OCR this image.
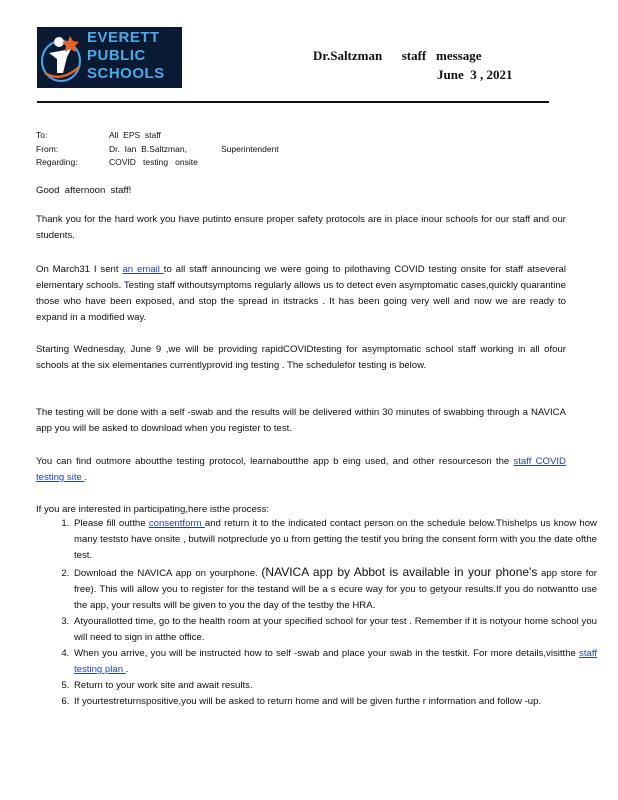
EVERETT
PUBLIC
SCHOOLS
Dr.Saltzman      staff   message
June  3 , 2021
To:	All  EPS  staff
From:	Dr.  Ian  B.Saltzman,	Superintendent
Regarding:	COVID   testing   onsite
Good  afternoon  staff!
Thank you for the hard work you have putinto ensure proper safety protocols are in place inour schools for our staff and our students.
On March31 I sent an email to all staff announcing we were going to pilothaving COVID testing onsite for staff atseveral elementary schools. Testing staff withoutsymptoms regularly allows us to detect even asymptomatic cases,quickly quarantine those who have been exposed, and stop the spread in itstracks . It has been going very well and now we are ready to expand in a modified way.
Starting Wednesday, June 9 ,we will be providing rapidCOVIDtesting for asymptomatic school staff working in all ofour schools at the six elementaries currentlyprovid ing testing . The schedulefor testing is below.
The testing will be done with a self -swab and the results will be delivered within 30 minutes of swabbing through a NAVICA app you will be asked to download when you register to test.
You can find outmore aboutthe testing protocol, learnaboutthe app b eing used, and other resourceson the staff COVID testing site .
If you are interested in participating,here isthe process:
1. Please fill outthe consentform and return it to the indicated contact person on the schedule below.Thishelps us know how many teststo have onsite , butwill notpreclude yo u from getting the testif you bring the consent form with you the date ofthe test.
2. Download the NAVICA app on yourphone. (NAVICA app by Abbot is available in your phone's app store for free). This will allow you to register for the testand will be a s ecure way for you to getyour results.If you do notwantto use the app, your results will be given to you the day of the testby the HRA.
3. Atyourallotted time, go to the health room at your specified school for your test . Remember if it is notyour home school you will need to sign in atthe office.
4. When you arrive, you will be instructed how to self -swab and place your swab in the testkit. For more details,visitthe staff testing plan .
5. Return to your work site and await results.
6. If yourtestreturnspositive,you will be asked to return home and will be given furthe r information and follow -up.
